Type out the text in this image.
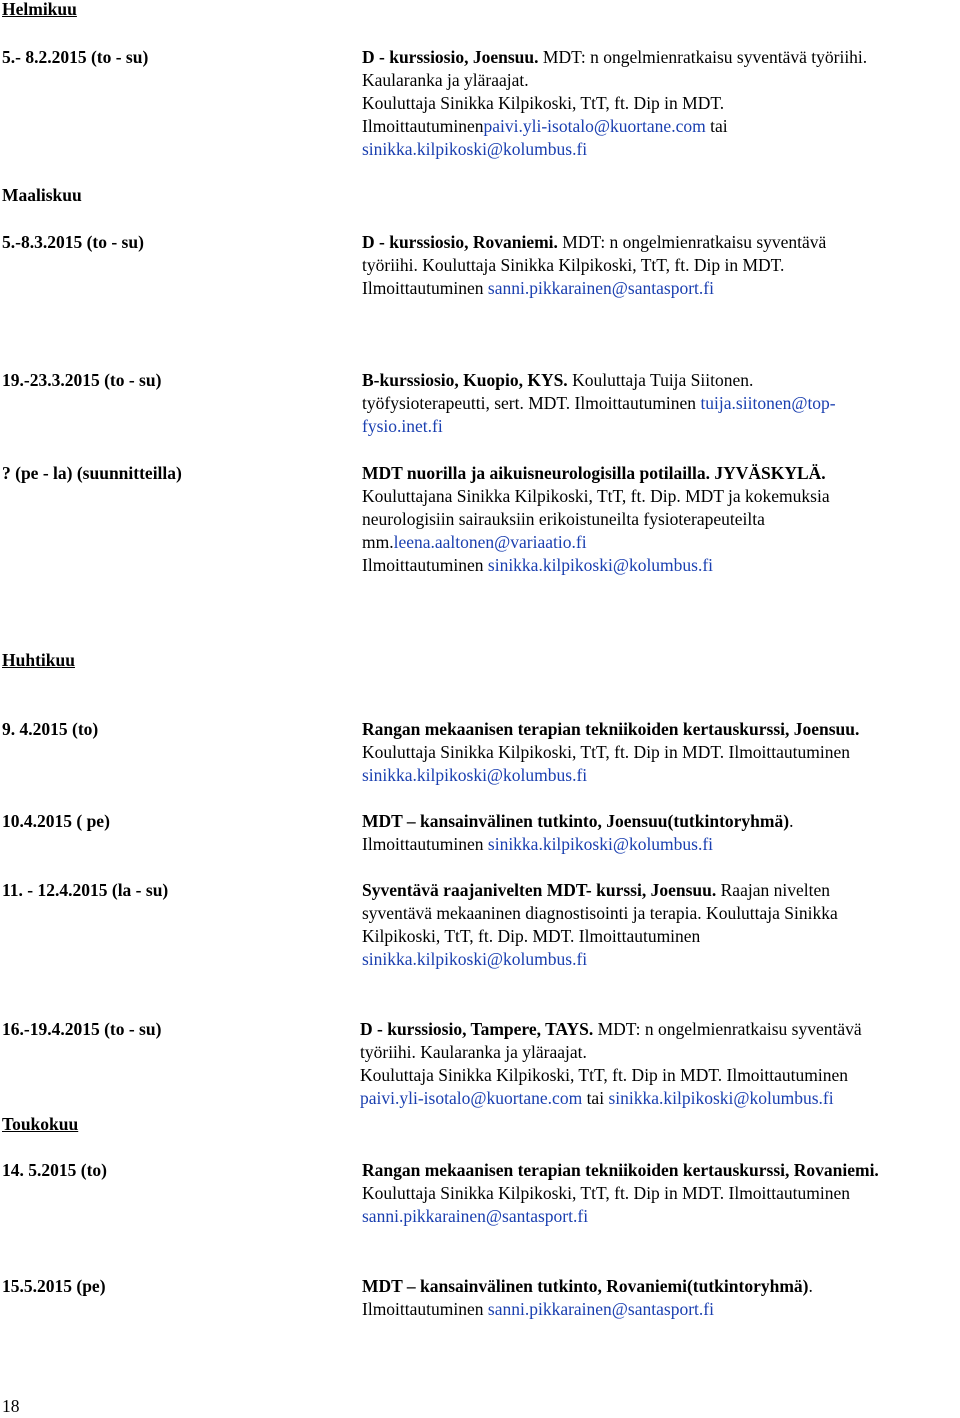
Helmikuu
5.- 8.2.2015 (to - su)	D - kurssiosio, Joensuu. MDT: n ongelmienratkaisu syventävä työriihi.
Kaularanka ja yläraajat.
Kouluttaja Sinikka Kilpikoski, TtT, ft. Dip in MDT.
Ilmoittautuminenpaivi.yli-isotalo@kuortane.com tai
sinikka.kilpikoski@kolumbus.fi
Maaliskuu
5.-8.3.2015 (to - su)	D - kurssiosio, Rovaniemi. MDT: n ongelmienratkaisu syventävä
työriihi. Kouluttaja Sinikka Kilpikoski, TtT, ft. Dip in MDT.
Ilmoittautuminen sanni.pikkarainen@santasport.fi
19.-23.3.2015 (to - su)	B-kurssiosio, Kuopio, KYS. Kouluttaja Tuija Siitonen.
työfysioterapeutti, sert. MDT. Ilmoittautuminen tuija.siitonen@top-
fysio.inet.fi
? (pe - la) (suunnitteilla)	MDT nuorilla ja aikuisneurologisilla potilailla. JYVÄSKYLÄ.
Kouluttajana Sinikka Kilpikoski, TtT, ft. Dip. MDT ja kokemuksia
neurologisiin sairauksiin erikoistuneilta fysioterapeuteilta
mm.leena.aaltonen@variaatio.fi
Ilmoittautuminen sinikka.kilpikoski@kolumbus.fi
Huhtikuu
9. 4.2015 (to)	Rangan mekaanisen terapian tekniikoiden kertauskurssi, Joensuu.
Kouluttaja Sinikka Kilpikoski, TtT, ft. Dip in MDT. Ilmoittautuminen
sinikka.kilpikoski@kolumbus.fi
10.4.2015 ( pe)	MDT – kansainvälinen tutkinto, Joensuu(tutkintoryhmä).
Ilmoittautuminen sinikka.kilpikoski@kolumbus.fi
11. - 12.4.2015 (la - su)	Syventävä raajanivelten MDT- kurssi, Joensuu. Raajan nivelten
syventävä mekaaninen diagnostisointi ja terapia. Kouluttaja Sinikka
Kilpikoski, TtT, ft. Dip. MDT. Ilmoittautuminen
sinikka.kilpikoski@kolumbus.fi
16.-19.4.2015 (to - su)	D - kurssiosio, Tampere, TAYS. MDT: n ongelmienratkaisu syventävä
työriihi. Kaularanka ja yläraajat.
Kouluttaja Sinikka Kilpikoski, TtT, ft. Dip in MDT. Ilmoittautuminen
paivi.yli-isotalo@kuortane.com tai sinikka.kilpikoski@kolumbus.fi
Toukokuu
14. 5.2015 (to)	Rangan mekaanisen terapian tekniikoiden kertauskurssi, Rovaniemi.
Kouluttaja Sinikka Kilpikoski, TtT, ft. Dip in MDT. Ilmoittautuminen
sanni.pikkarainen@santasport.fi
15.5.2015 (pe)	MDT – kansainvälinen tutkinto, Rovaniemi(tutkintoryhmä).
Ilmoittautuminen sanni.pikkarainen@santasport.fi
18
